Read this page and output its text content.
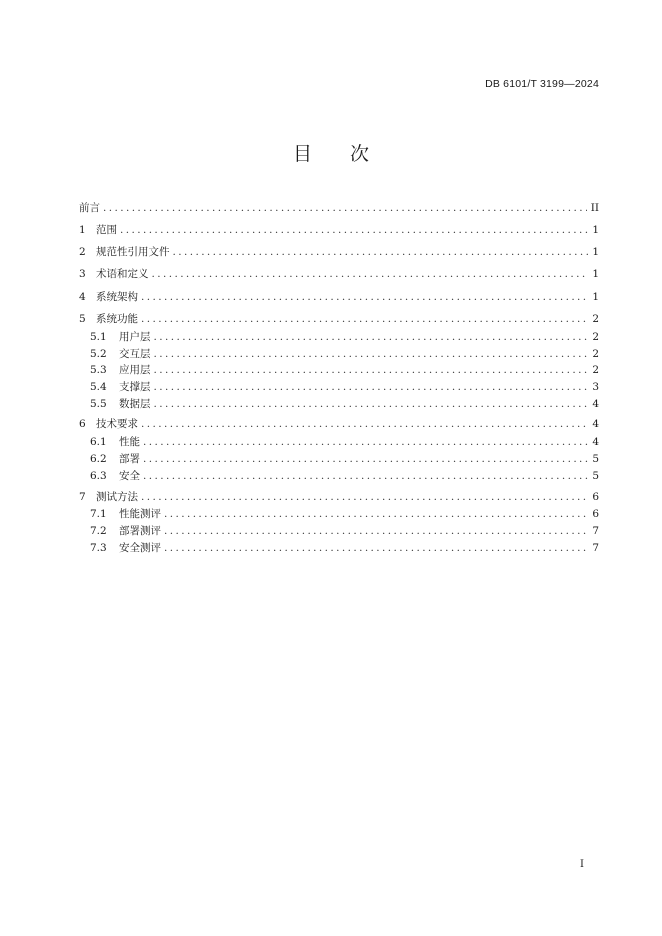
DB 6101/T 3199—2024
目 次
前言 .....	II
1 范围 .....	1
2 规范性引用文件 .....	1
3 术语和定义 .....	1
4 系统架构 .....	1
5 系统功能 .....	2
5.1	用户层 .....	2
5.2	交互层 .....	2
5.3	应用层 .....	2
5.4	支撑层 .....	3
5.5	数据层 .....	4
6 技术要求 .....	4
6.1	性能 .....	4
6.2	部署 .....	5
6.3	安全 .....	5
7 测试方法 .....	6
7.1	性能测评 .....	6
7.2	部署测评 .....	7
7.3	安全测评 .....	7
I
